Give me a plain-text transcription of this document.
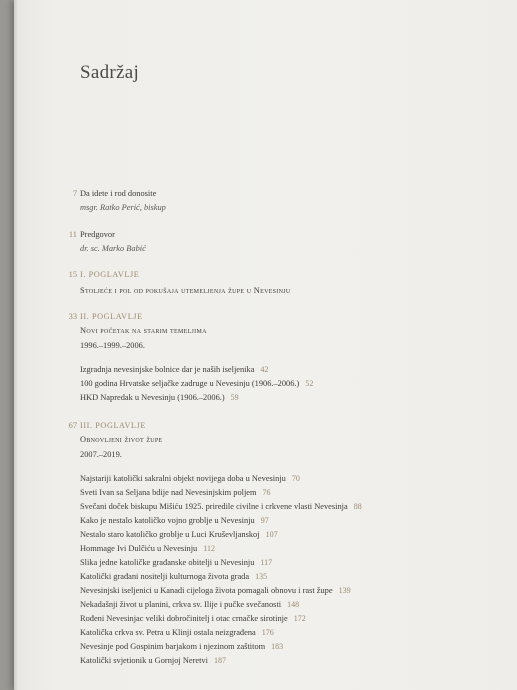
Sadržaj
7 Da idete i rod donosite
msgr. Ratko Perić, biskup
11 Predgovor
dr. sc. Marko Babić
15 I. POGLAVLJE
Stoljeće i pol od pokušaja utemeljenja župe u Nevesinju
33 II. POGLAVLJE
Novi početak na starim temeljima
1996.–1999.–2006.
Izgradnja nevesinjske bolnice dar je naših iseljenika 42
100 godina Hrvatske seljačke zadruge u Nevesinju (1906.–2006.) 52
HKD Napredak u Nevesinju (1906.–2006.) 59
67 III. POGLAVLJE
Obnovljeni život župe
2007.–2019.
Najstariji katolički sakralni objekt novijega doba u Nevesinju 70
Sveti Ivan sa Seljana bdije nad Nevesinjskim poljem 76
Svečani doček biskupu Mišiću 1925. priredile civilne i crkvene vlasti Nevesinja 88
Kako je nestalo katoličko vojno groblje u Nevesinju 97
Nestalo staro katoličko groblje u Luci Kruševljanskoj 107
Hommage Ivi Dulčiću u Nevesinju 112
Slika jedne katoličke građanske obitelji u Nevesinju 117
Katolički građani nositelji kulturnoga života grada 135
Nevesinjski iseljenici u Kanadi cijeloga života pomagali obnovu i rast župe 139
Nekadašnji život u planini, crkva sv. Ilije i pučke svečanosti 148
Rođeni Nevesinjac veliki dobročinitelj i otac crnačke sirotinje 172
Katolička crkva sv. Petra u Klinji ostala neizgrađena 176
Nevesinje pod Gospinim barjakom i njezinom zaštitom 183
Katolički svjetionik u Gornjoj Neretvi 187
